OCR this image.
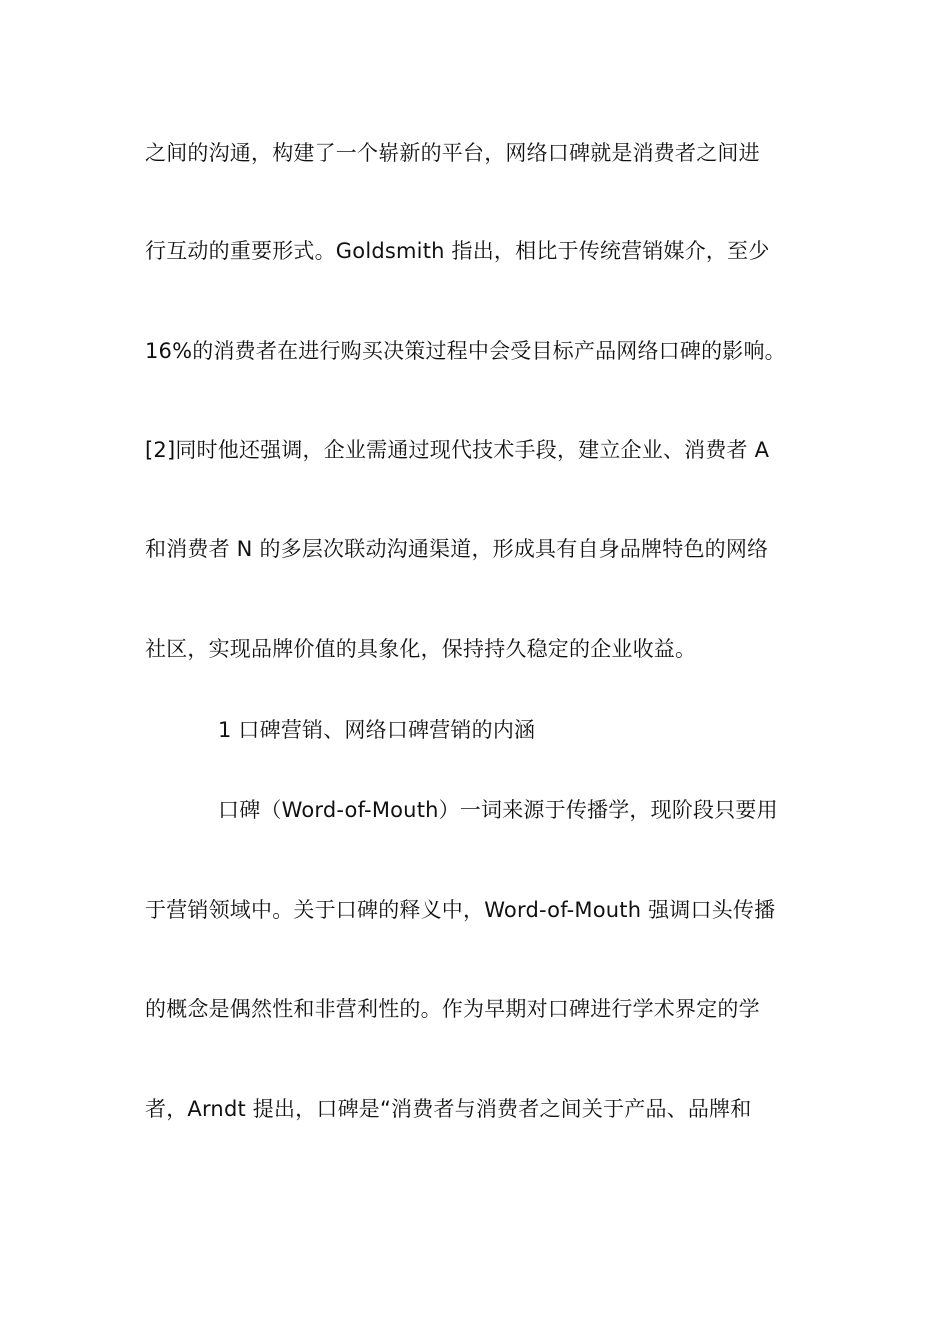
之间的沟通，构建了一个崭新的平台，网络口碑就是消费者之间进
行互动的重要形式。Goldsmith 指出，相比于传统营销媒介，至少
16%的消费者在进行购买决策过程中会受目标产品网络口碑的影响。
[2]同时他还强调，企业需通过现代技术手段，建立企业、消费者 A
和消费者 N 的多层次联动沟通渠道，形成具有自身品牌特色的网络
社区，实现品牌价值的具象化，保持持久稳定的企业收益。
1 口碑营销、网络口碑营销的内涵
口碑（Word-of-Mouth）一词来源于传播学，现阶段只要用
于营销领域中。关于口碑的释义中，Word-of-Mouth 强调口头传播
的概念是偶然性和非营利性的。作为早期对口碑进行学术界定的学
者，Arndt 提出，口碑是“消费者与消费者之间关于产品、品牌和
